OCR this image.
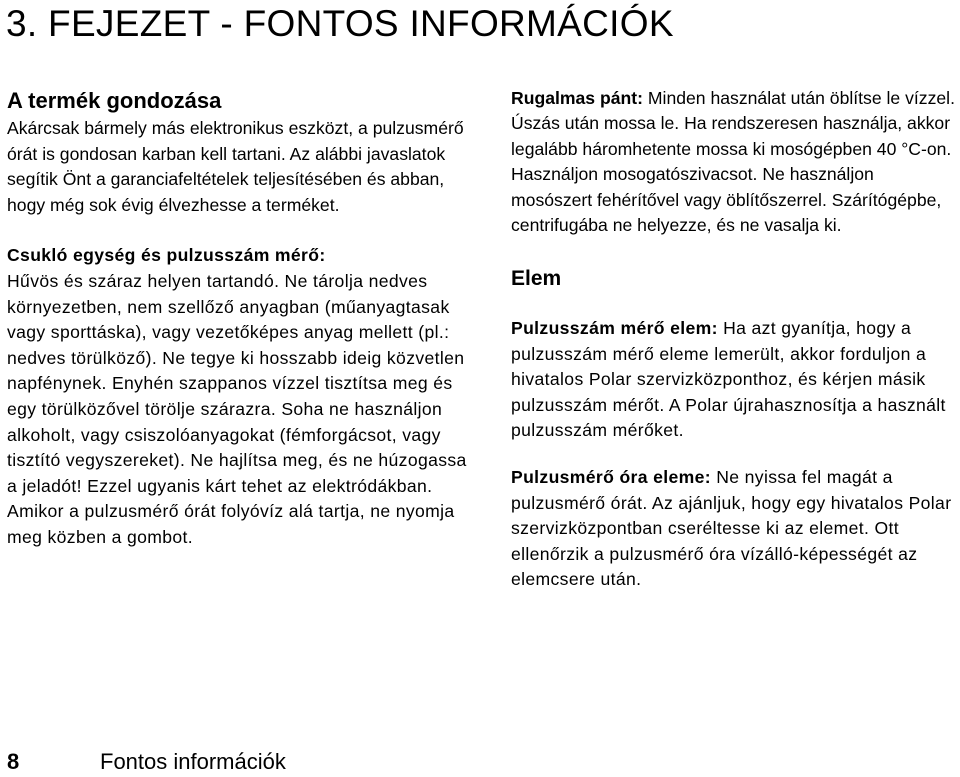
3. FEJEZET - FONTOS INFORMÁCIÓK
A termék gondozása

Akárcsak bármely más elektronikus eszközt, a pulzusmérő órát is gondosan karban kell tartani. Az alábbi javaslatok segítik Önt a garanciafeltételek teljesítésében és abban, hogy még sok évig élvezhesse a terméket.

Csukló egység és pulzusszám mérő:

Hűvös és száraz helyen tartandó. Ne tárolja nedves környezetben, nem szellőző anyagban (műanyagtasak vagy sporttáska), vagy vezetőképes anyag mellett (pl.: nedves törülköző). Ne tegye ki hosszabb ideig közvetlen napfénynek. Enyhén szappanos vízzel tisztítsa meg és egy törülközővel törölje szárazra. Soha ne használjon alkoholt, vagy csiszolóanyagokat (fémforgácsot, vagy tisztító vegyszereket). Ne hajlítsa meg, és ne húzogassa a jeladót! Ezzel ugyanis kárt tehet az elektródákban. Amikor a pulzusmérő órát folyóvíz alá tartja, ne nyomja meg közben a gombot.

Rugalmas pánt: Minden használat után öblítse le vízzel. Úszás után mossa le. Ha rendszeresen használja, akkor legalább háromhetente mossa ki mosógépben 40 °C-on. Használjon mosogatószivacsot. Ne használjon mosószert fehérítővel vagy öblítőszerrel. Szárítógépbe, centrifugába ne helyezze, és ne vasalja ki.

Elem

Pulzusszám mérő elem: Ha azt gyanítja, hogy a pulzusszám mérő eleme lemerült, akkor forduljon a hivatalos Polar szervizközponthoz, és kérjen másik pulzusszám mérőt. A Polar újrahasznosítja a használt pulzusszám mérőket.

Pulzusmérő óra eleme: Ne nyissa fel magát a pulzusmérő órát. Az ajánljuk, hogy egy hivatalos Polar szervizközpontban cseréltesse ki az elemet. Ott ellenőrzik a pulzusmérő óra vízálló-képességét az elemcsere után.

8	Fontos információk
